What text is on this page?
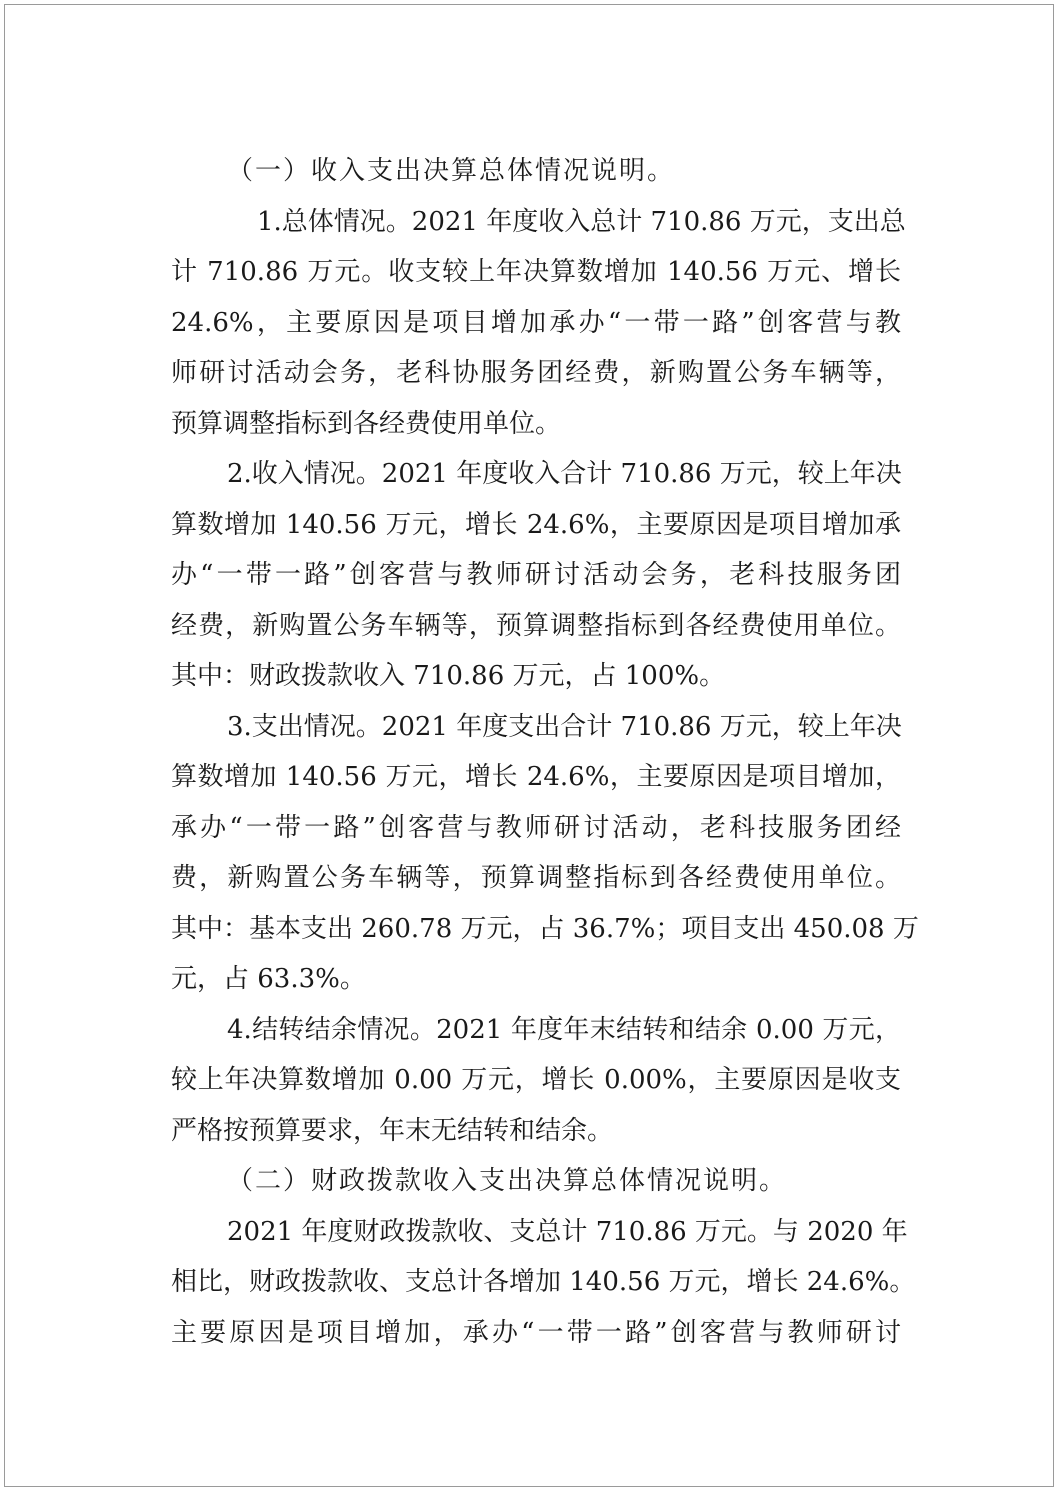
（一）收入支出决算总体情况说明。
1.总体情况。2021 年度收入总计 710.86 万元，支出总
计 710.86 万元。收支较上年决算数增加 140.56 万元、增长
24.6%，主要原因是项目增加承办“一带一路”创客营与教
师研讨活动会务，老科协服务团经费，新购置公务车辆等，
预算调整指标到各经费使用单位。
2.收入情况。2021 年度收入合计 710.86 万元，较上年决
算数增加 140.56 万元，增长 24.6%，主要原因是项目增加承
办“一带一路”创客营与教师研讨活动会务，老科技服务团
经费，新购置公务车辆等，预算调整指标到各经费使用单位。
其中：财政拨款收入 710.86 万元，占 100%。
3.支出情况。2021 年度支出合计 710.86 万元，较上年决
算数增加 140.56 万元，增长 24.6%，主要原因是项目增加，
承办“一带一路”创客营与教师研讨活动，老科技服务团经
费，新购置公务车辆等，预算调整指标到各经费使用单位。
其中：基本支出 260.78 万元，占 36.7%；项目支出 450.08 万
元，占 63.3%。
4.结转结余情况。2021 年度年末结转和结余 0.00 万元，
较上年决算数增加 0.00 万元，增长 0.00%，主要原因是收支
严格按预算要求，年末无结转和结余。
（二）财政拨款收入支出决算总体情况说明。
2021 年度财政拨款收、支总计 710.86 万元。与 2020 年
相比，财政拨款收、支总计各增加 140.56 万元，增长 24.6%。
主要原因是项目增加，承办“一带一路”创客营与教师研讨
